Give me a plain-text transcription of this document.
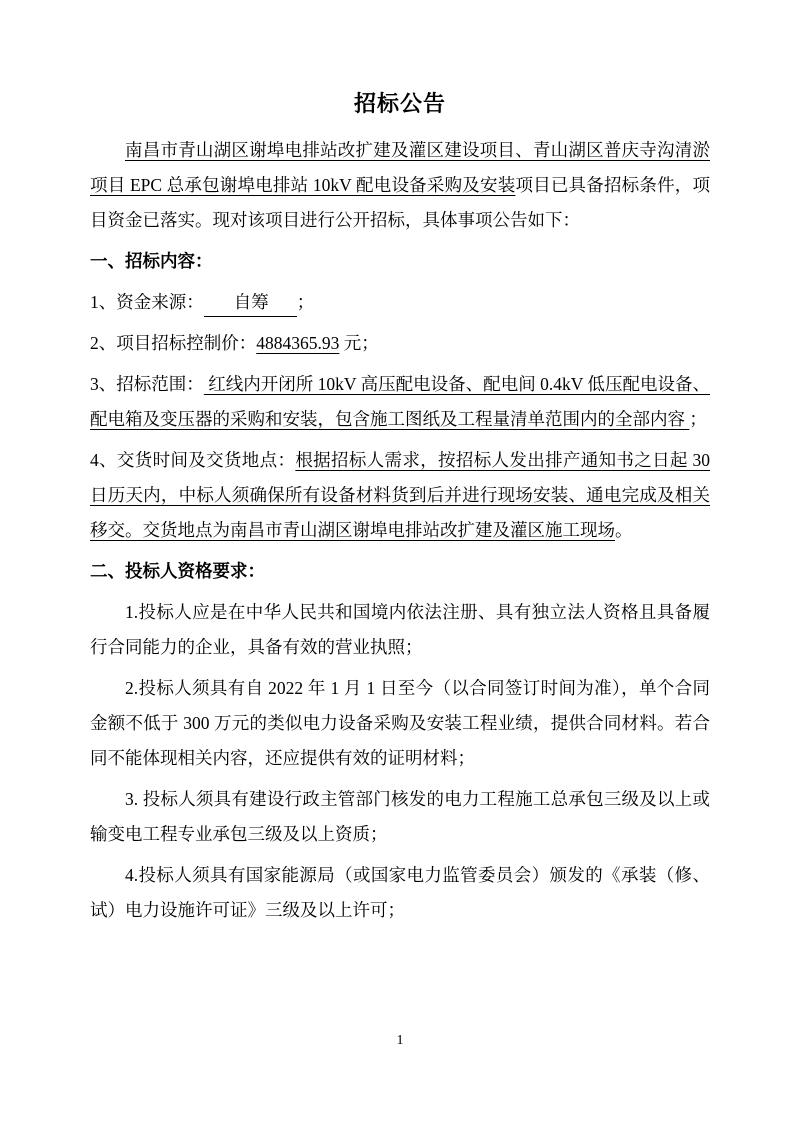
招标公告

南昌市青山湖区谢埠电排站改扩建及灌区建设项目、青山湖区普庆寺沟清淤项目 EPC 总承包谢埠电排站 10kV 配电设备采购及安装项目已具备招标条件，项目资金已落实。现对该项目进行公开招标，具体事项公告如下：

一、招标内容：

1、资金来源： 自筹 ；

2、项目招标控制价：4884365.93 元；

3、招标范围： 红线内开闭所 10kV 高压配电设备、配电间 0.4kV 低压配电设备、配电箱及变压器的采购和安装，包含施工图纸及工程量清单范围内的全部内容 ；

4、交货时间及交货地点：根据招标人需求，按招标人发出排产通知书之日起 30 日历天内，中标人须确保所有设备材料货到后并进行现场安装、通电完成及相关移交。交货地点为南昌市青山湖区谢埠电排站改扩建及灌区施工现场。

二、投标人资格要求：

1.投标人应是在中华人民共和国境内依法注册、具有独立法人资格且具备履行合同能力的企业，具备有效的营业执照；

2.投标人须具有自 2022 年 1 月 1 日至今（以合同签订时间为准），单个合同金额不低于 300 万元的类似电力设备采购及安装工程业绩，提供合同材料。若合同不能体现相关内容，还应提供有效的证明材料；

3. 投标人须具有建设行政主管部门核发的电力工程施工总承包三级及以上或输变电工程专业承包三级及以上资质；

4.投标人须具有国家能源局（或国家电力监管委员会）颁发的《承装（修、试）电力设施许可证》三级及以上许可；

1
